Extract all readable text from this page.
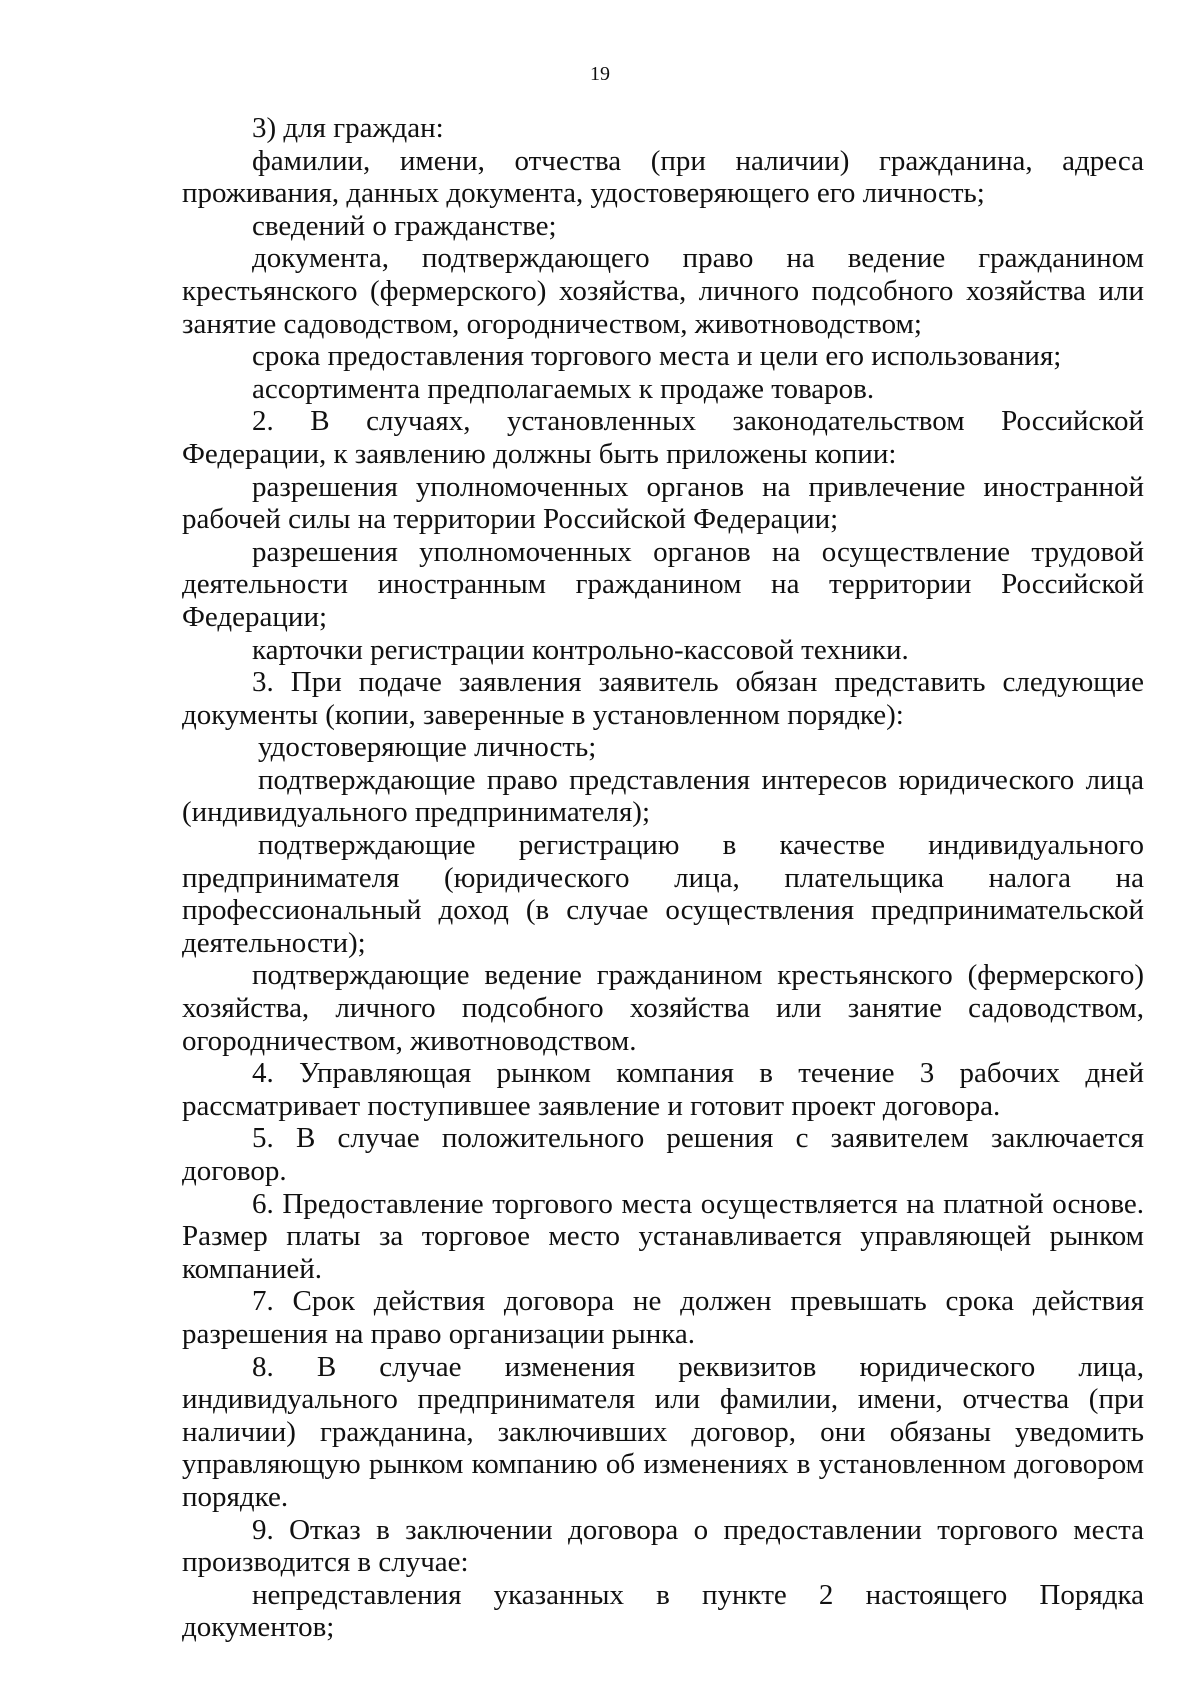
19

3) для граждан:

фамилии, имени, отчества (при наличии) гражданина, адреса проживания, данных документа, удостоверяющего его личность;

сведений о гражданстве;

документа, подтверждающего право на ведение гражданином крестьянского (фермерского) хозяйства, личного подсобного хозяйства или занятие садоводством, огородничеством, животноводством;

срока предоставления торгового места и цели его использования;

ассортимента предполагаемых к продаже товаров.

2. В случаях, установленных законодательством Российской Федерации, к заявлению должны быть приложены копии:

разрешения уполномоченных органов на привлечение иностранной рабочей силы на территории Российской Федерации;

разрешения уполномоченных органов на осуществление трудовой деятельности иностранным гражданином на территории Российской Федерации;

карточки регистрации контрольно-кассовой техники.

3. При подаче заявления заявитель обязан представить следующие документы (копии, заверенные в установленном порядке):

удостоверяющие личность;

подтверждающие право представления интересов юридического лица (индивидуального предпринимателя);

подтверждающие регистрацию в качестве индивидуального предпринимателя (юридического лица, плательщика налога на профессиональный доход (в случае осуществления предпринимательской деятельности);

подтверждающие ведение гражданином крестьянского (фермерского) хозяйства, личного подсобного хозяйства или занятие садоводством, огородничеством, животноводством.

4. Управляющая рынком компания в течение 3 рабочих дней рассматривает поступившее заявление и готовит проект договора.

5. В случае положительного решения с заявителем заключается договор.

6. Предоставление торгового места осуществляется на платной основе. Размер платы за торговое место устанавливается управляющей рынком компанией.

7. Срок действия договора не должен превышать срока действия разрешения на право организации рынка.

8. В случае изменения реквизитов юридического лица, индивидуального предпринимателя или фамилии, имени, отчества (при наличии) гражданина, заключивших договор, они обязаны уведомить управляющую рынком компанию об изменениях в установленном договором порядке.

9. Отказ в заключении договора о предоставлении торгового места производится в случае:

непредставления указанных в пункте 2 настоящего Порядка документов;
